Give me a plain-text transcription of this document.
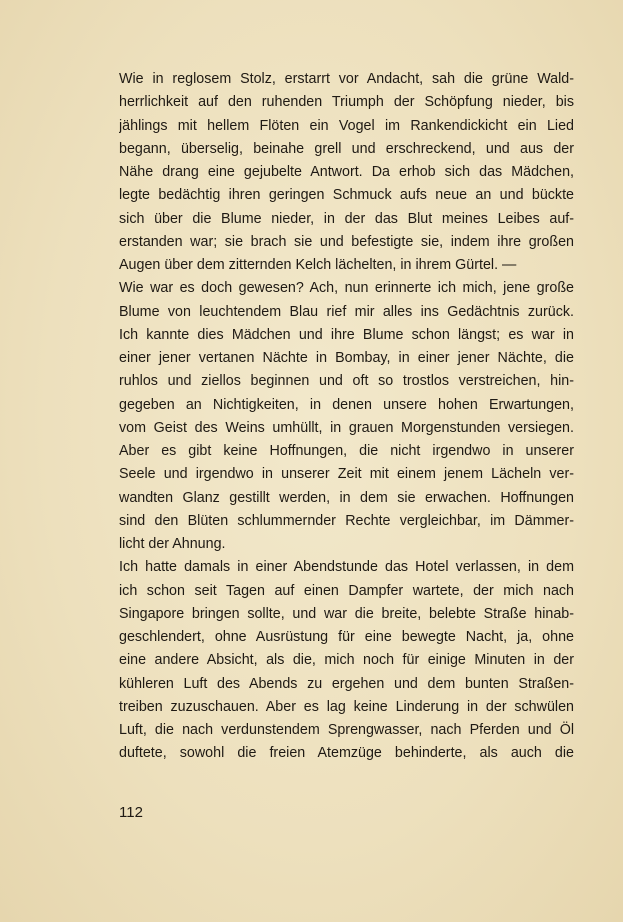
Wie in reglosem Stolz, erstarrt vor Andacht, sah die grüne Wald-
herrlichkeit auf den ruhenden Triumph der Schöpfung nieder, bis
jählings mit hellem Flöten ein Vogel im Rankendickicht ein Lied
begann, überselig, beinahe grell und erschreckend, und aus der
Nähe drang eine gejubelte Antwort. Da erhob sich das Mädchen,
legte bedächtig ihren geringen Schmuck aufs neue an und bückte
sich über die Blume nieder, in der das Blut meines Leibes auf-
erstanden war; sie brach sie und befestigte sie, indem ihre großen
Augen über dem zitternden Kelch lächelten, in ihrem Gürtel. —
Wie war es doch gewesen? Ach, nun erinnerte ich mich, jene große
Blume von leuchtendem Blau rief mir alles ins Gedächtnis zurück.
Ich kannte dies Mädchen und ihre Blume schon längst; es war in
einer jener vertanen Nächte in Bombay, in einer jener Nächte, die
ruhlos und ziellos beginnen und oft so trostlos verstreichen, hin-
gegeben an Nichtigkeiten, in denen unsere hohen Erwartungen,
vom Geist des Weins umhüllt, in grauen Morgenstunden versiegen.
Aber es gibt keine Hoffnungen, die nicht irgendwo in unserer
Seele und irgendwo in unserer Zeit mit einem jenem Lächeln ver-
wandten Glanz gestillt werden, in dem sie erwachen. Hoffnungen
sind den Blüten schlummernder Rechte vergleichbar, im Dämmer-
licht der Ahnung.
Ich hatte damals in einer Abendstunde das Hotel verlassen, in dem
ich schon seit Tagen auf einen Dampfer wartete, der mich nach
Singapore bringen sollte, und war die breite, belebte Straße hinab-
geschlendert, ohne Ausrüstung für eine bewegte Nacht, ja, ohne
eine andere Absicht, als die, mich noch für einige Minuten in der
kühleren Luft des Abends zu ergehen und dem bunten Straßen-
treiben zuzuschauen. Aber es lag keine Linderung in der schwülen
Luft, die nach verdunstendem Sprengwasser, nach Pferden und Öl
duftete, sowohl die freien Atemzüge behinderte, als auch die
112
